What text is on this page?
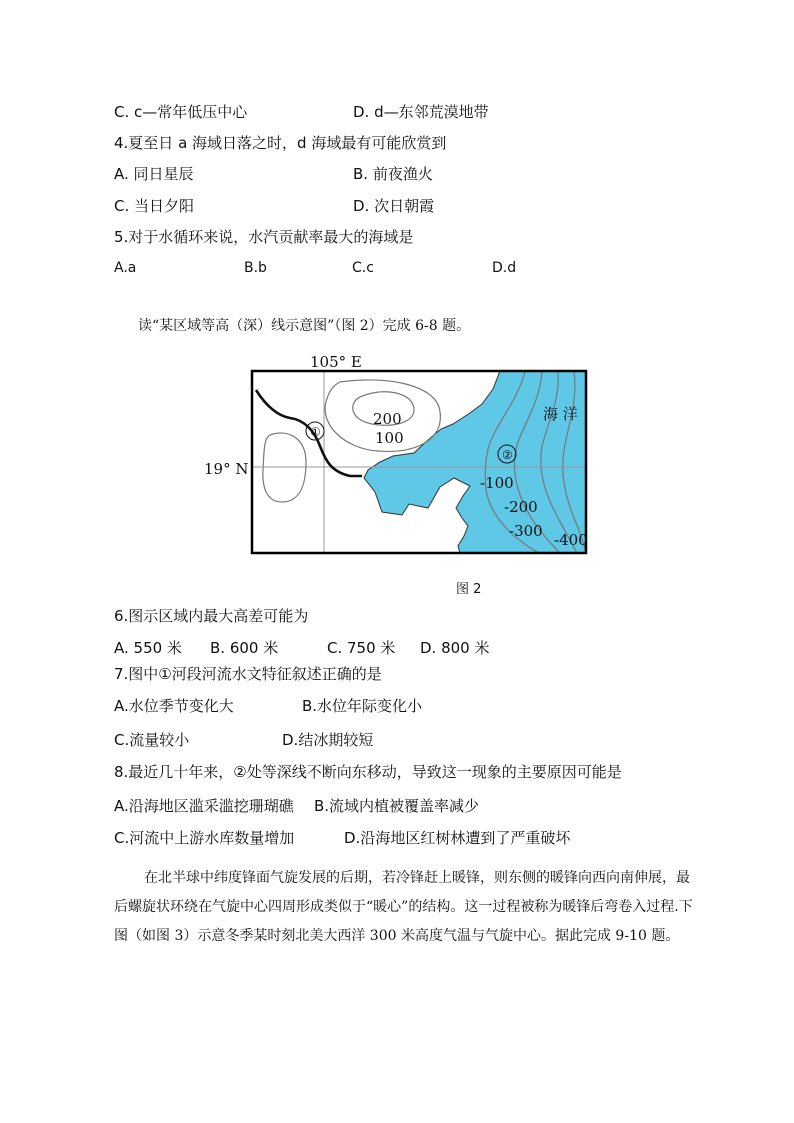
C. c—常年低压中心	D. d—东邻荒漠地带
4.夏至日 a 海域日落之时，d 海域最有可能欣赏到
A. 同日星辰	B. 前夜渔火
C. 当日夕阳	D. 次日朝霞
5.对于水循环来说，水汽贡献率最大的海域是
A.a	B.b	C.c	D.d
读“某区域等高（深）线示意图”（图 2）完成 6-8 题。
105° E
19° N
200
100
①
②
海 洋
-100
-200
-300 -400
图 2
6.图示区域内最大高差可能为
A. 550 米 B. 600 米	C. 750 米 D. 800 米
7.图中①河段河流水文特征叙述正确的是
A.水位季节变化大	B.水位年际变化小
C.流量较小	D.结冰期较短
8.最近几十年来，②处等深线不断向东移动，导致这一现象的主要原因可能是
A.沿海地区滥采滥挖珊瑚礁 B.流域内植被覆盖率减少
C.河流中上游水库数量增加	D.沿海地区红树林遭到了严重破坏
在北半球中纬度锋面气旋发展的后期，若冷锋赶上暖锋，则东侧的暖锋向西向南伸展，最后螺旋状环绕在气旋中心四周形成类似于“暖心”的结构。这一过程被称为暖锋后弯卷入过程.下图（如图 3）示意冬季某时刻北美大西洋 300 米高度气温与气旋中心。据此完成 9-10 题。
